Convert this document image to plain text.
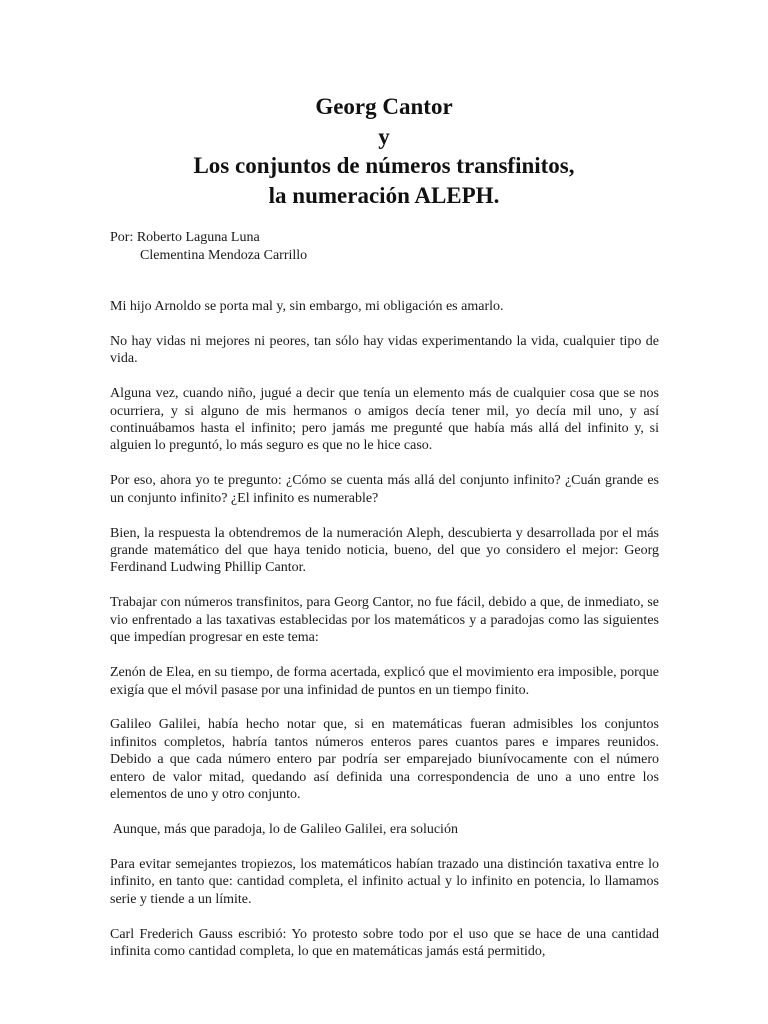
Georg Cantor
y
Los conjuntos de números transfinitos,
la numeración ALEPH.
Por: Roberto Laguna Luna
Clementina Mendoza Carrillo

Mi hijo Arnoldo se porta mal y, sin embargo, mi obligación es amarlo.

No hay vidas ni mejores ni peores, tan sólo hay vidas experimentando la vida, cualquier tipo de vida.

Alguna vez, cuando niño, jugué a decir que tenía un elemento más de cualquier cosa que se nos ocurriera, y si alguno de mis hermanos o amigos decía tener mil, yo decía mil uno, y así continuábamos hasta el infinito; pero jamás me pregunté que había más allá del infinito y, si alguien lo preguntó, lo más seguro es que no le hice caso.

Por eso, ahora yo te pregunto: ¿Cómo se cuenta más allá del conjunto infinito? ¿Cuán grande es un conjunto infinito? ¿El infinito es numerable?

Bien, la respuesta la obtendremos de la numeración Aleph, descubierta y desarrollada por el más grande matemático del que haya tenido noticia, bueno, del que yo considero el mejor: Georg Ferdinand Ludwing Phillip Cantor.

Trabajar con números transfinitos, para Georg Cantor, no fue fácil, debido a que, de inmediato, se vio enfrentado a las taxativas establecidas por los matemáticos y a paradojas como las siguientes que impedían progresar en este tema:

Zenón de Elea, en su tiempo, de forma acertada, explicó que el movimiento era imposible, porque exigía que el móvil pasase por una infinidad de puntos en un tiempo finito.

Galileo Galilei, había hecho notar que, si en matemáticas fueran admisibles los conjuntos infinitos completos, habría tantos números enteros pares cuantos pares e impares reunidos. Debido a que cada número entero par podría ser emparejado biunívocamente con el número entero de valor mitad, quedando así definida una correspondencia de uno a uno entre los elementos de uno y otro conjunto.

Aunque, más que paradoja, lo de Galileo Galilei, era solución

Para evitar semejantes tropiezos, los matemáticos habían trazado una distinción taxativa entre lo infinito, en tanto que: cantidad completa, el infinito actual y lo infinito en potencia, lo llamamos serie y tiende a un límite.

Carl Frederich Gauss escribió: Yo protesto sobre todo por el uso que se hace de una cantidad infinita como cantidad completa, lo que en matemáticas jamás está permitido,
